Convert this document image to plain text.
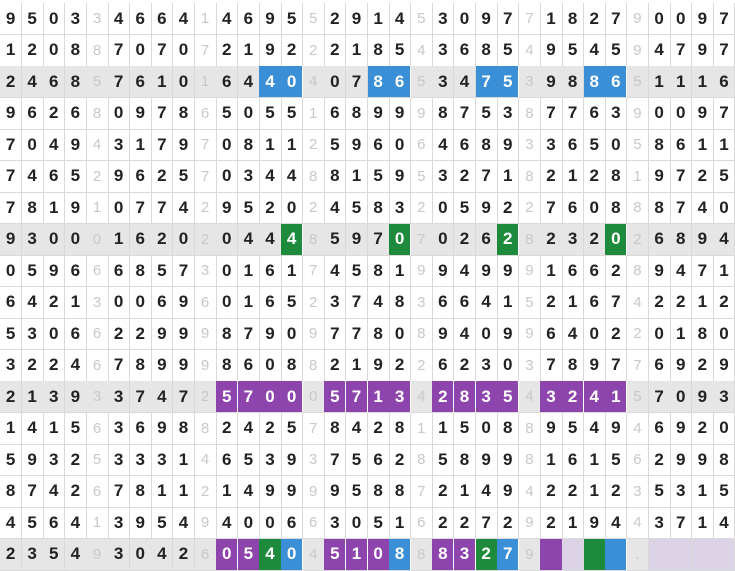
9 5 0 3 3 4 6 6 4 1 4 6 9 5 5 2 9 1 4 5 3 0 9 7 7 1 8 2 7 9 0 0 9 7
1 2 0 8 8 7 0 7 0 7 2 1 9 2 2 2 1 8 5 4 3 6 8 5 4 9 5 4 5 9 4 7 9 7
2 4 6 8 5 7 6 1 0 1 6 4 4 0 4 0 7 8 6 5 3 4 7 5 3 9 8 8 6 5 1 1 1 6
9 6 2 6 8 0 9 7 8 6 5 0 5 5 1 6 8 9 9 9 8 7 5 3 8 7 7 6 3 9 0 0 9 7
7 0 4 9 4 3 1 7 9 7 0 8 1 1 2 5 9 6 0 6 4 6 8 9 3 3 6 5 0 5 8 6 1 1
7 4 6 5 2 9 6 2 5 7 0 3 4 4 8 8 1 5 9 5 3 2 7 1 8 2 1 2 8 1 9 7 2 5
7 8 1 9 1 0 7 7 4 2 9 5 2 0 2 4 5 8 3 2 0 5 9 2 2 7 6 0 8 8 8 7 4 0
9 3 0 0 0 1 6 2 0 2 0 4 4 4 8 5 9 7 0 7 0 2 6 2 8 2 3 2 0 2 6 8 9 4
0 5 9 6 6 6 8 5 7 3 0 1 6 1 7 4 5 8 1 9 9 4 9 9 9 1 6 6 2 8 9 4 7 1
6 4 2 1 3 0 0 6 9 6 0 1 6 5 2 3 7 4 8 3 6 6 4 1 5 2 1 6 7 4 2 2 1 2
5 3 0 6 6 2 2 9 9 9 8 7 9 0 9 7 7 8 0 8 9 4 0 9 9 6 4 0 2 2 0 1 8 0
3 2 2 4 6 7 8 9 9 9 8 6 0 8 8 2 1 9 2 2 6 2 3 0 3 7 8 9 7 7 6 9 2 9
2 1 3 9 3 3 7 4 7 2 5 7 0 0 0 5 7 1 3 4 2 8 3 5 4 3 2 4 1 5 7 0 9 3
1 4 1 5 6 3 6 9 8 8 2 4 2 5 7 8 4 2 8 1 1 5 0 8 8 9 5 4 9 4 6 9 2 0
5 9 3 2 5 3 3 3 1 4 6 5 3 9 3 7 5 6 2 8 5 8 9 9 8 1 6 1 5 6 2 9 9 8
8 7 4 2 6 7 8 1 1 2 1 4 9 9 9 9 5 8 8 7 2 1 4 9 4 2 2 1 2 3 5 3 1 5
4 5 6 4 1 3 9 5 4 9 4 0 0 6 6 3 0 5 1 6 2 2 7 2 9 2 1 9 4 4 3 7 1 4
2 3 5 4 9 3 0 4 2 6 0 5 4 0 4 5 1 0 8 8 8 3 2 7 9	.
